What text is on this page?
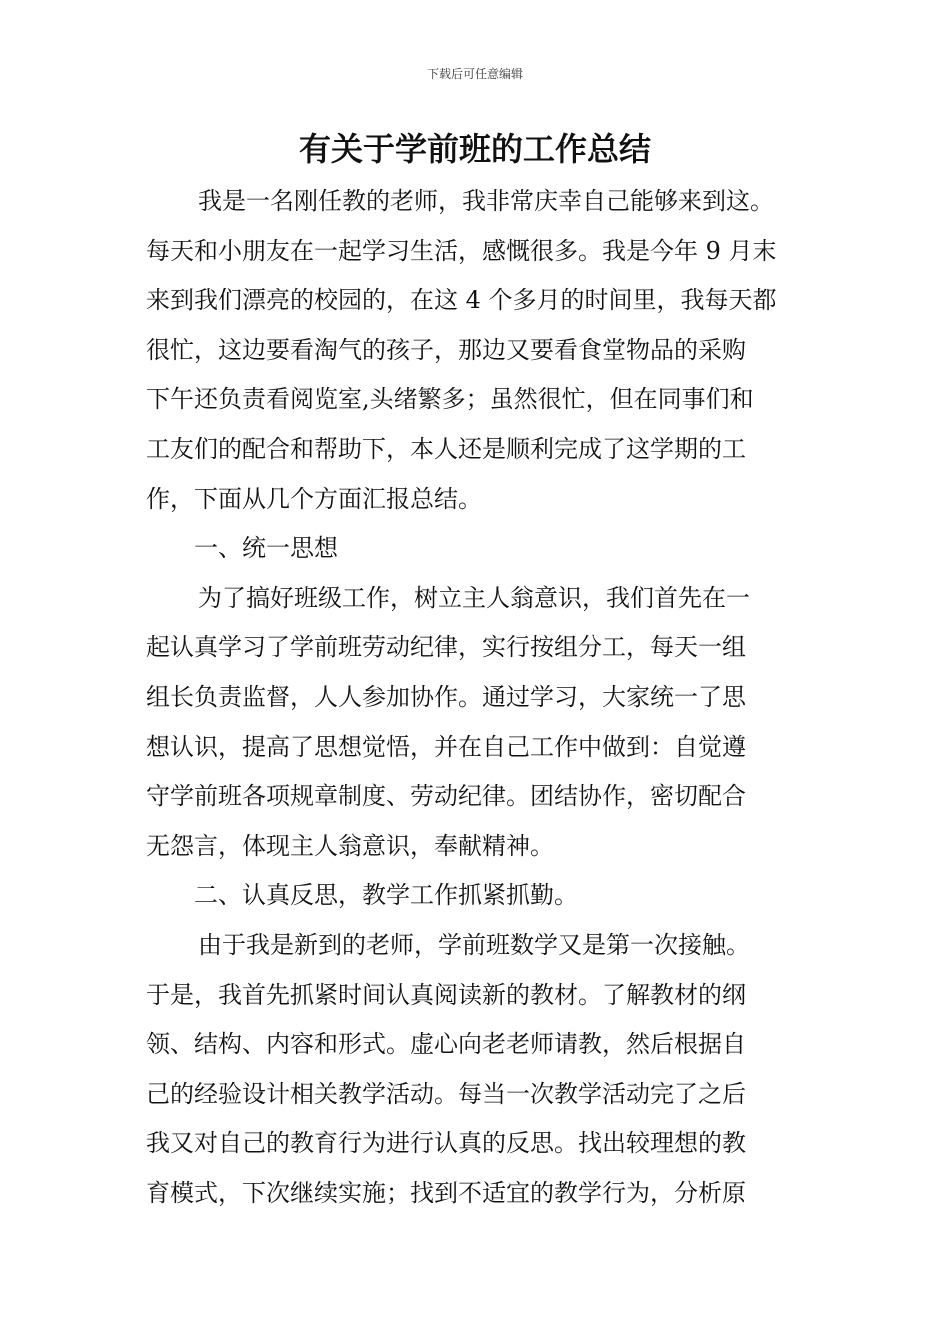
下载后可任意编辑
有关于学前班的工作总结
我是一名刚任教的老师，我非常庆幸自己能够来到这。
每天和小朋友在一起学习生活，感慨很多。我是今年 9 月末
来到我们漂亮的校园的，在这 4 个多月的时间里，我每天都
很忙，这边要看淘气的孩子，那边又要看食堂物品的采购
下午还负责看阅览室,头绪繁多；虽然很忙，但在同事们和
工友们的配合和帮助下，本人还是顺利完成了这学期的工
作，下面从几个方面汇报总结。
一、统一思想
为了搞好班级工作，树立主人翁意识，我们首先在一
起认真学习了学前班劳动纪律，实行按组分工，每天一组
组长负责监督，人人参加协作。通过学习，大家统一了思
想认识，提高了思想觉悟，并在自己工作中做到：自觉遵
守学前班各项规章制度、劳动纪律。团结协作，密切配合
无怨言，体现主人翁意识，奉献精神。
二、认真反思，教学工作抓紧抓勤。
由于我是新到的老师，学前班数学又是第一次接触。
于是，我首先抓紧时间认真阅读新的教材。了解教材的纲
领、结构、内容和形式。虚心向老老师请教，然后根据自
己的经验设计相关教学活动。每当一次教学活动完了之后
我又对自己的教育行为进行认真的反思。找出较理想的教
育模式，下次继续实施；找到不适宜的教学行为，分析原
